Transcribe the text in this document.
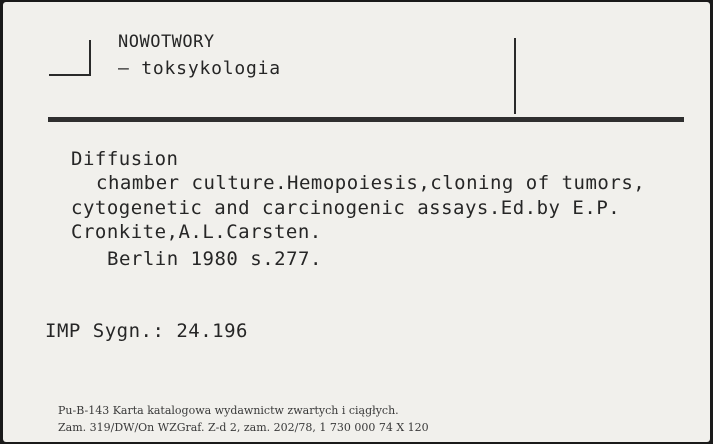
NOWOTWORY
– toksykologia
Diffusion
chamber culture.Hemopoiesis,cloning of tumors,
cytogenetic and carcinogenic assays.Ed.by E.P.
Cronkite,A.L.Carsten.
Berlin 1980 s.277.
IMP Sygn.: 24.196
Pu-B-143 Karta katalogowa wydawnictw zwartych i ciągłych.
Zam. 319/DW/On WZGraf. Z-d 2, zam. 202/78, 1 730 000 74 X 120
